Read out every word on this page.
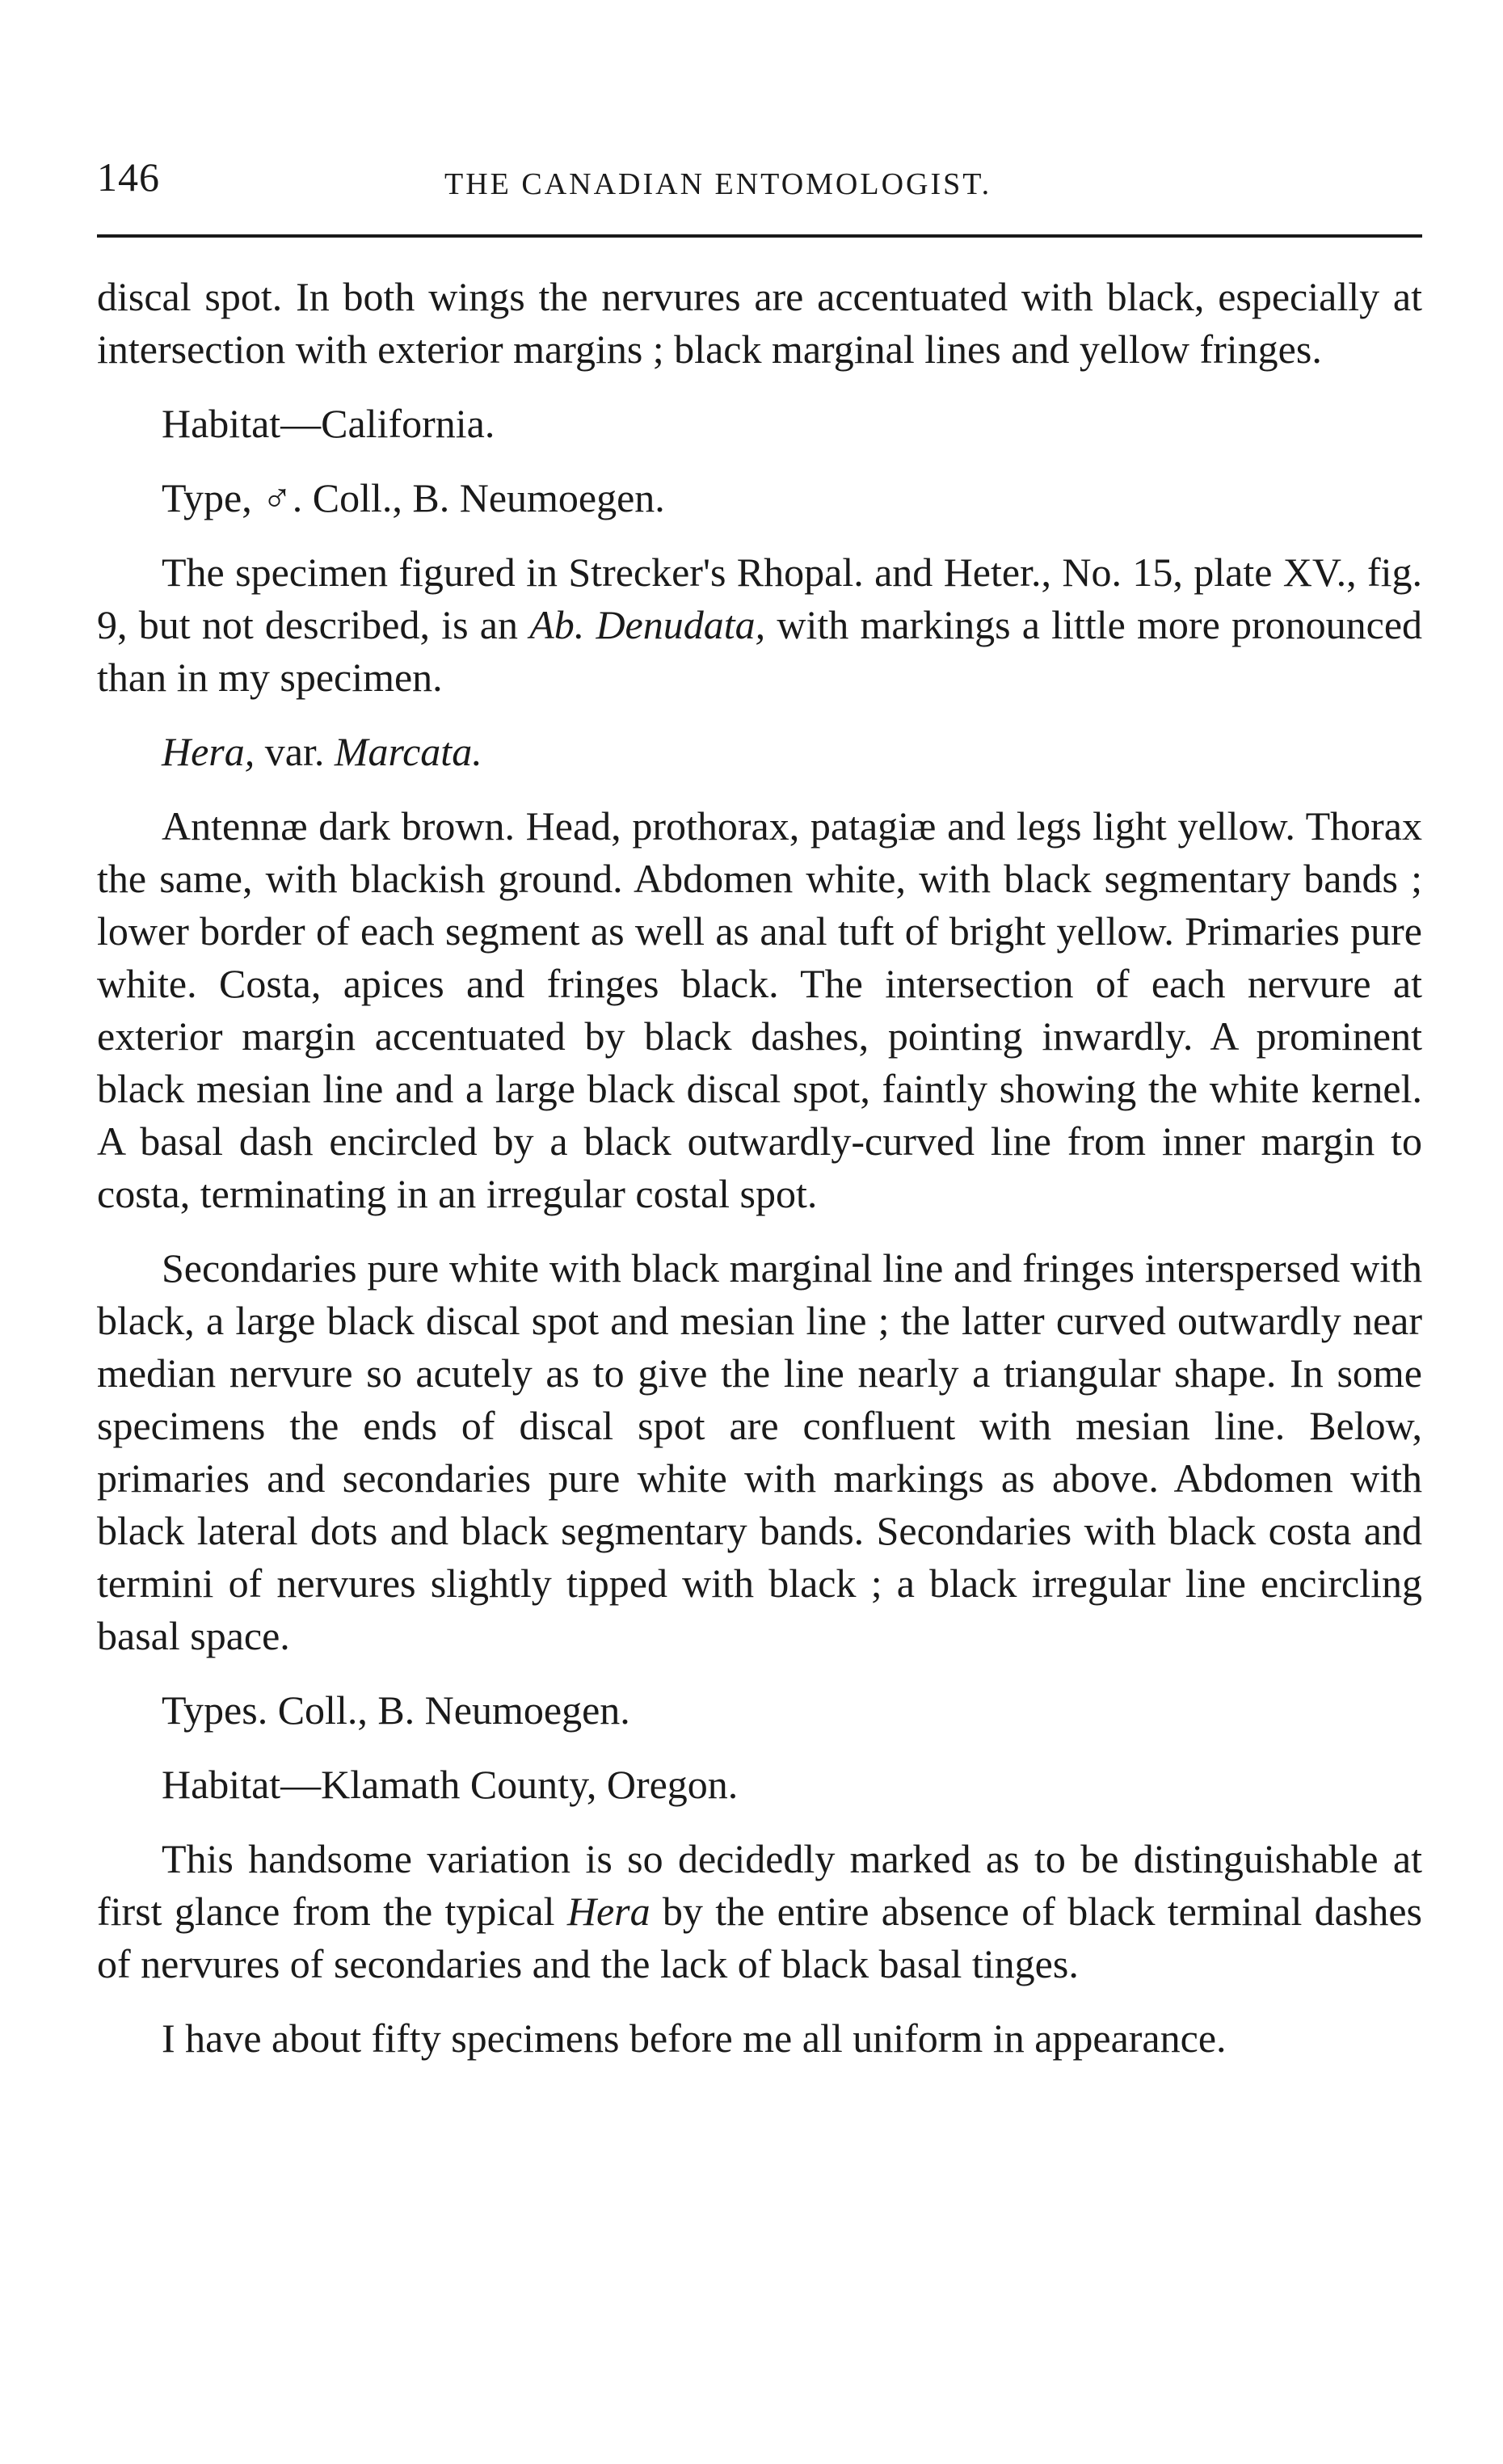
146	THE CANADIAN ENTOMOLOGIST.

discal spot. In both wings the nervures are accentuated with black, especially at intersection with exterior margins ; black marginal lines and yellow fringes.

Habitat—California.

Type, ♂. Coll., B. Neumoegen.

The specimen figured in Strecker's Rhopal. and Heter., No. 15, plate XV., fig. 9, but not described, is an Ab. Denudata, with markings a little more pronounced than in my specimen.

Hera, var. Marcata.

Antennæ dark brown. Head, prothorax, patagiæ and legs light yellow. Thorax the same, with blackish ground. Abdomen white, with black segmentary bands ; lower border of each segment as well as anal tuft of bright yellow. Primaries pure white. Costa, apices and fringes black. The intersection of each nervure at exterior margin accentuated by black dashes, pointing inwardly. A prominent black mesian line and a large black discal spot, faintly showing the white kernel. A basal dash encircled by a black outwardly-curved line from inner margin to costa, terminating in an irregular costal spot.

Secondaries pure white with black marginal line and fringes interspersed with black, a large black discal spot and mesian line ; the latter curved outwardly near median nervure so acutely as to give the line nearly a triangular shape. In some specimens the ends of discal spot are confluent with mesian line. Below, primaries and secondaries pure white with markings as above. Abdomen with black lateral dots and black segmentary bands. Secondaries with black costa and termini of nervures slightly tipped with black ; a black irregular line encircling basal space.

Types. Coll., B. Neumoegen.

Habitat—Klamath County, Oregon.

This handsome variation is so decidedly marked as to be distinguishable at first glance from the typical Hera by the entire absence of black terminal dashes of nervures of secondaries and the lack of black basal tinges.

I have about fifty specimens before me all uniform in appearance.
